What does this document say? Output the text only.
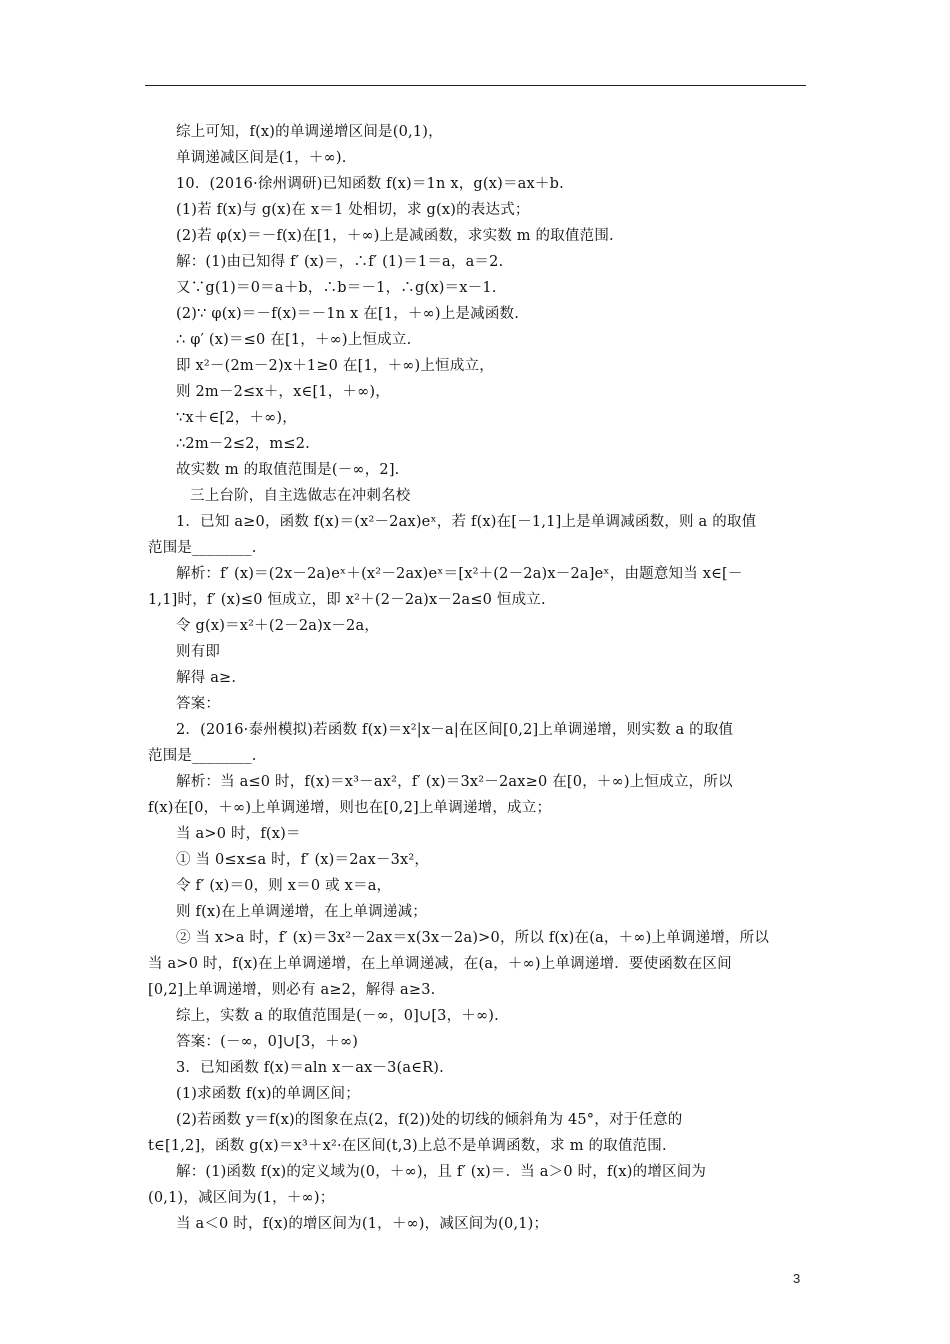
综上可知，f(x)的单调递增区间是(0,1)，
单调递减区间是(1，＋∞).
10．(2016·徐州调研)已知函数 f(x)＝1n x，g(x)＝ax＋b.
(1)若 f(x)与 g(x)在 x＝1 处相切，求 g(x)的表达式；
(2)若 φ(x)＝－f(x)在[1，＋∞)上是减函数，求实数 m 的取值范围.
解：(1)由已知得 f′ (x)＝，∴f′ (1)＝1＝a，a＝2.
又∵g(1)＝0＝a＋b，∴b＝－1，∴g(x)＝x－1.
(2)∵ φ(x)＝－f(x)＝－1n x 在[1，＋∞)上是减函数.
∴ φ′ (x)＝≤0 在[1，＋∞)上恒成立.
即 x²－(2m－2)x＋1≥0 在[1，＋∞)上恒成立，
则 2m－2≤x＋，x∈[1，＋∞)，
∵x＋∈[2，＋∞)，
∴2m－2≤2，m≤2.
故实数 m 的取值范围是(－∞，2].
三上台阶，自主选做志在冲刺名校
1．已知 a≥0，函数 f(x)＝(x²－2ax)eˣ，若 f(x)在[－1,1]上是单调减函数，则 a 的取值
范围是________.
解析：f′ (x)＝(2x－2a)eˣ＋(x²－2ax)eˣ＝[x²＋(2－2a)x－2a]eˣ，由题意知当 x∈[－
1,1]时，f′ (x)≤0 恒成立，即 x²＋(2－2a)x－2a≤0 恒成立.
令 g(x)＝x²＋(2－2a)x－2a，
则有即
解得 a≥.
答案：
2．(2016·泰州模拟)若函数 f(x)＝x²|x－a|在区间[0,2]上单调递增，则实数 a 的取值
范围是________.
解析：当 a≤0 时，f(x)＝x³－ax²，f′ (x)＝3x²－2ax≥0 在[0，＋∞)上恒成立，所以
f(x)在[0，＋∞)上单调递增，则也在[0,2]上单调递增，成立；
当 a>0 时，f(x)＝
① 当 0≤x≤a 时，f′ (x)＝2ax－3x²，
令 f′ (x)＝0，则 x＝0 或 x＝a，
则 f(x)在上单调递增，在上单调递减；
② 当 x>a 时，f′ (x)＝3x²－2ax＝x(3x－2a)>0，所以 f(x)在(a，＋∞)上单调递增，所以
当 a>0 时，f(x)在上单调递增，在上单调递减，在(a，＋∞)上单调递增．要使函数在区间
[0,2]上单调递增，则必有 a≥2，解得 a≥3.
综上，实数 a 的取值范围是(－∞，0]∪[3，＋∞).
答案：(－∞，0]∪[3，＋∞)
3．已知函数 f(x)＝aln x－ax－3(a∈R).
(1)求函数 f(x)的单调区间；
(2)若函数 y＝f(x)的图象在点(2，f(2))处的切线的倾斜角为 45°，对于任意的
t∈[1,2]，函数 g(x)＝x³＋x²·在区间(t,3)上总不是单调函数，求 m 的取值范围.
解：(1)函数 f(x)的定义域为(0，＋∞)，且 f′ (x)＝．当 a＞0 时，f(x)的增区间为
(0,1)，减区间为(1，＋∞)；
当 a＜0 时，f(x)的增区间为(1，＋∞)，减区间为(0,1)；
3
